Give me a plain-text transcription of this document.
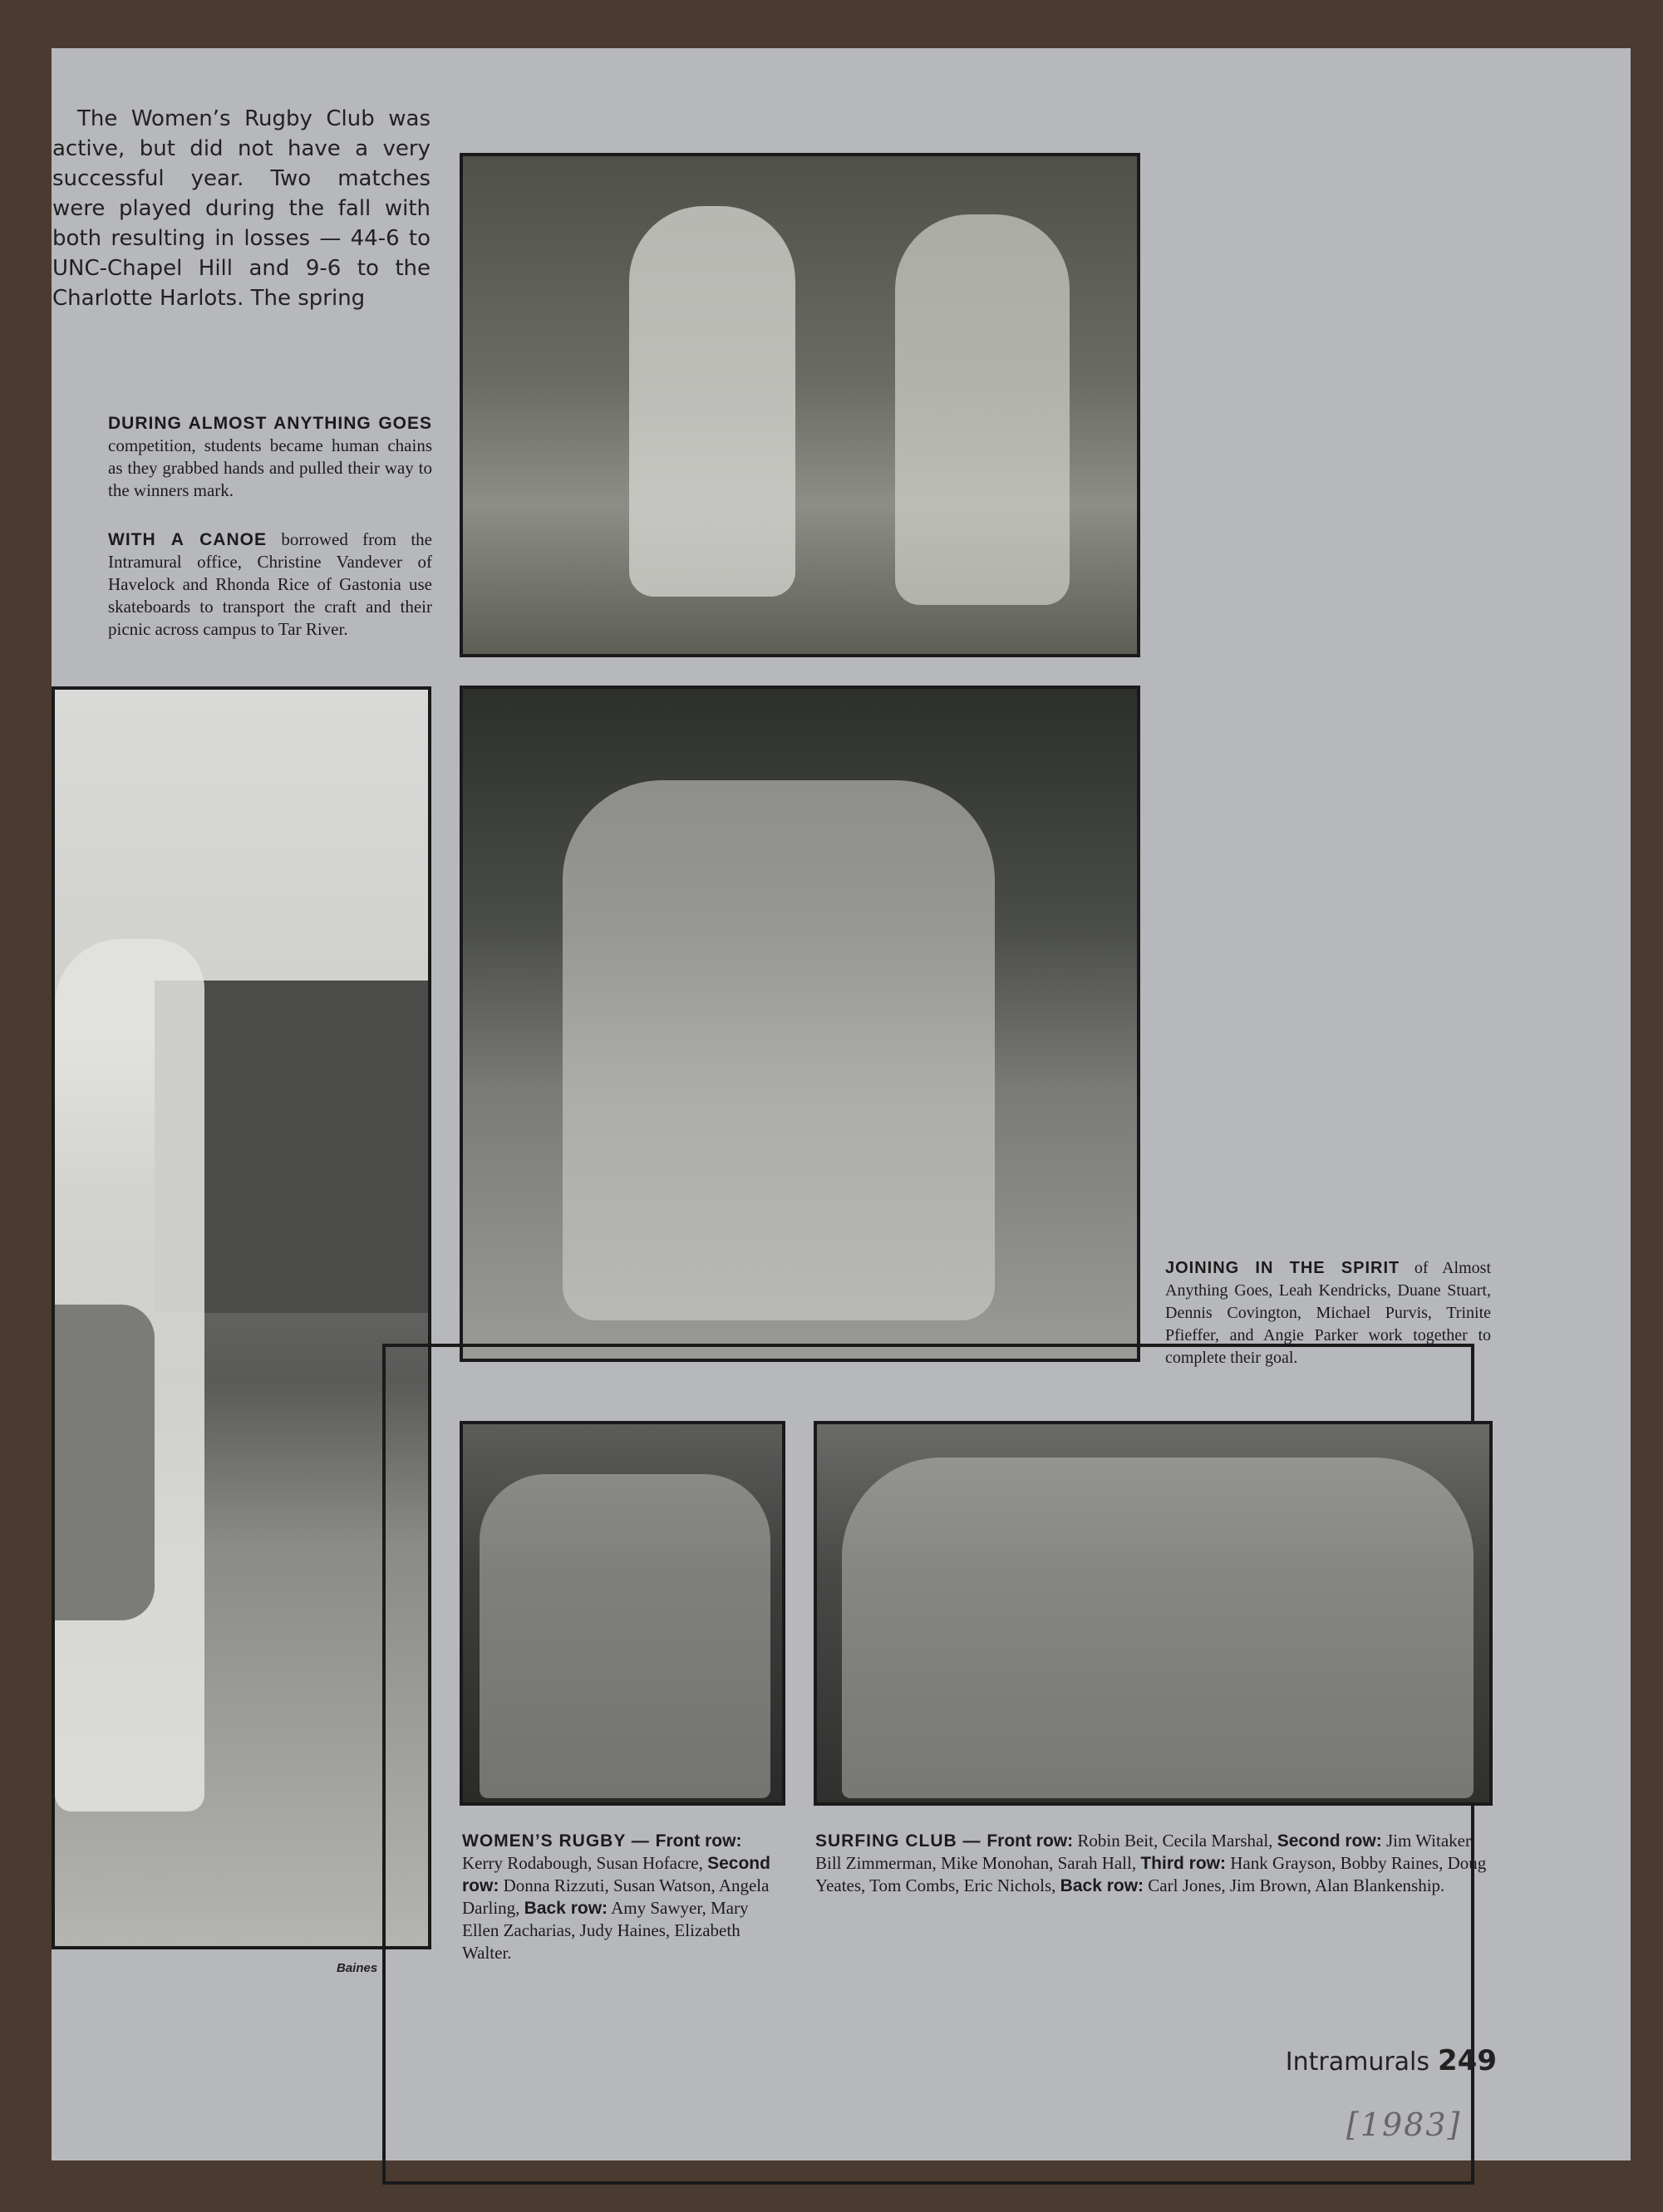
The Women’s Rugby Club was active, but did not have a very successful year. Two matches were played during the fall with both resulting in losses — 44-6 to UNC-Chapel Hill and 9-6 to the Charlotte Harlots. The spring
DURING ALMOST ANYTHING GOES competition, students became human chains as they grabbed hands and pulled their way to the winners mark.
WITH A CANOE borrowed from the Intramural office, Christine Vandever of Havelock and Rhonda Rice of Gastonia use skateboards to transport the craft and their picnic across campus to Tar River.
JOINING IN THE SPIRIT of Almost Anything Goes, Leah Kendricks, Duane Stuart, Dennis Covington, Michael Purvis, Trinite Pfieffer, and Angie Parker work together to complete their goal.
WOMEN’S RUGBY — Front row: Kerry Rodabough, Susan Hofacre, Second row: Donna Rizzuti, Susan Watson, Angela Darling, Back row: Amy Sawyer, Mary Ellen Zacharias, Judy Haines, Elizabeth Walter.
SURFING CLUB — Front row: Robin Beit, Cecila Marshal, Second row: Jim Witaker, Bill Zimmerman, Mike Monohan, Sarah Hall, Third row: Hank Grayson, Bobby Raines, Doug Yeates, Tom Combs, Eric Nichols, Back row: Carl Jones, Jim Brown, Alan Blankenship.
Baines
Intramurals 249
[1983]
